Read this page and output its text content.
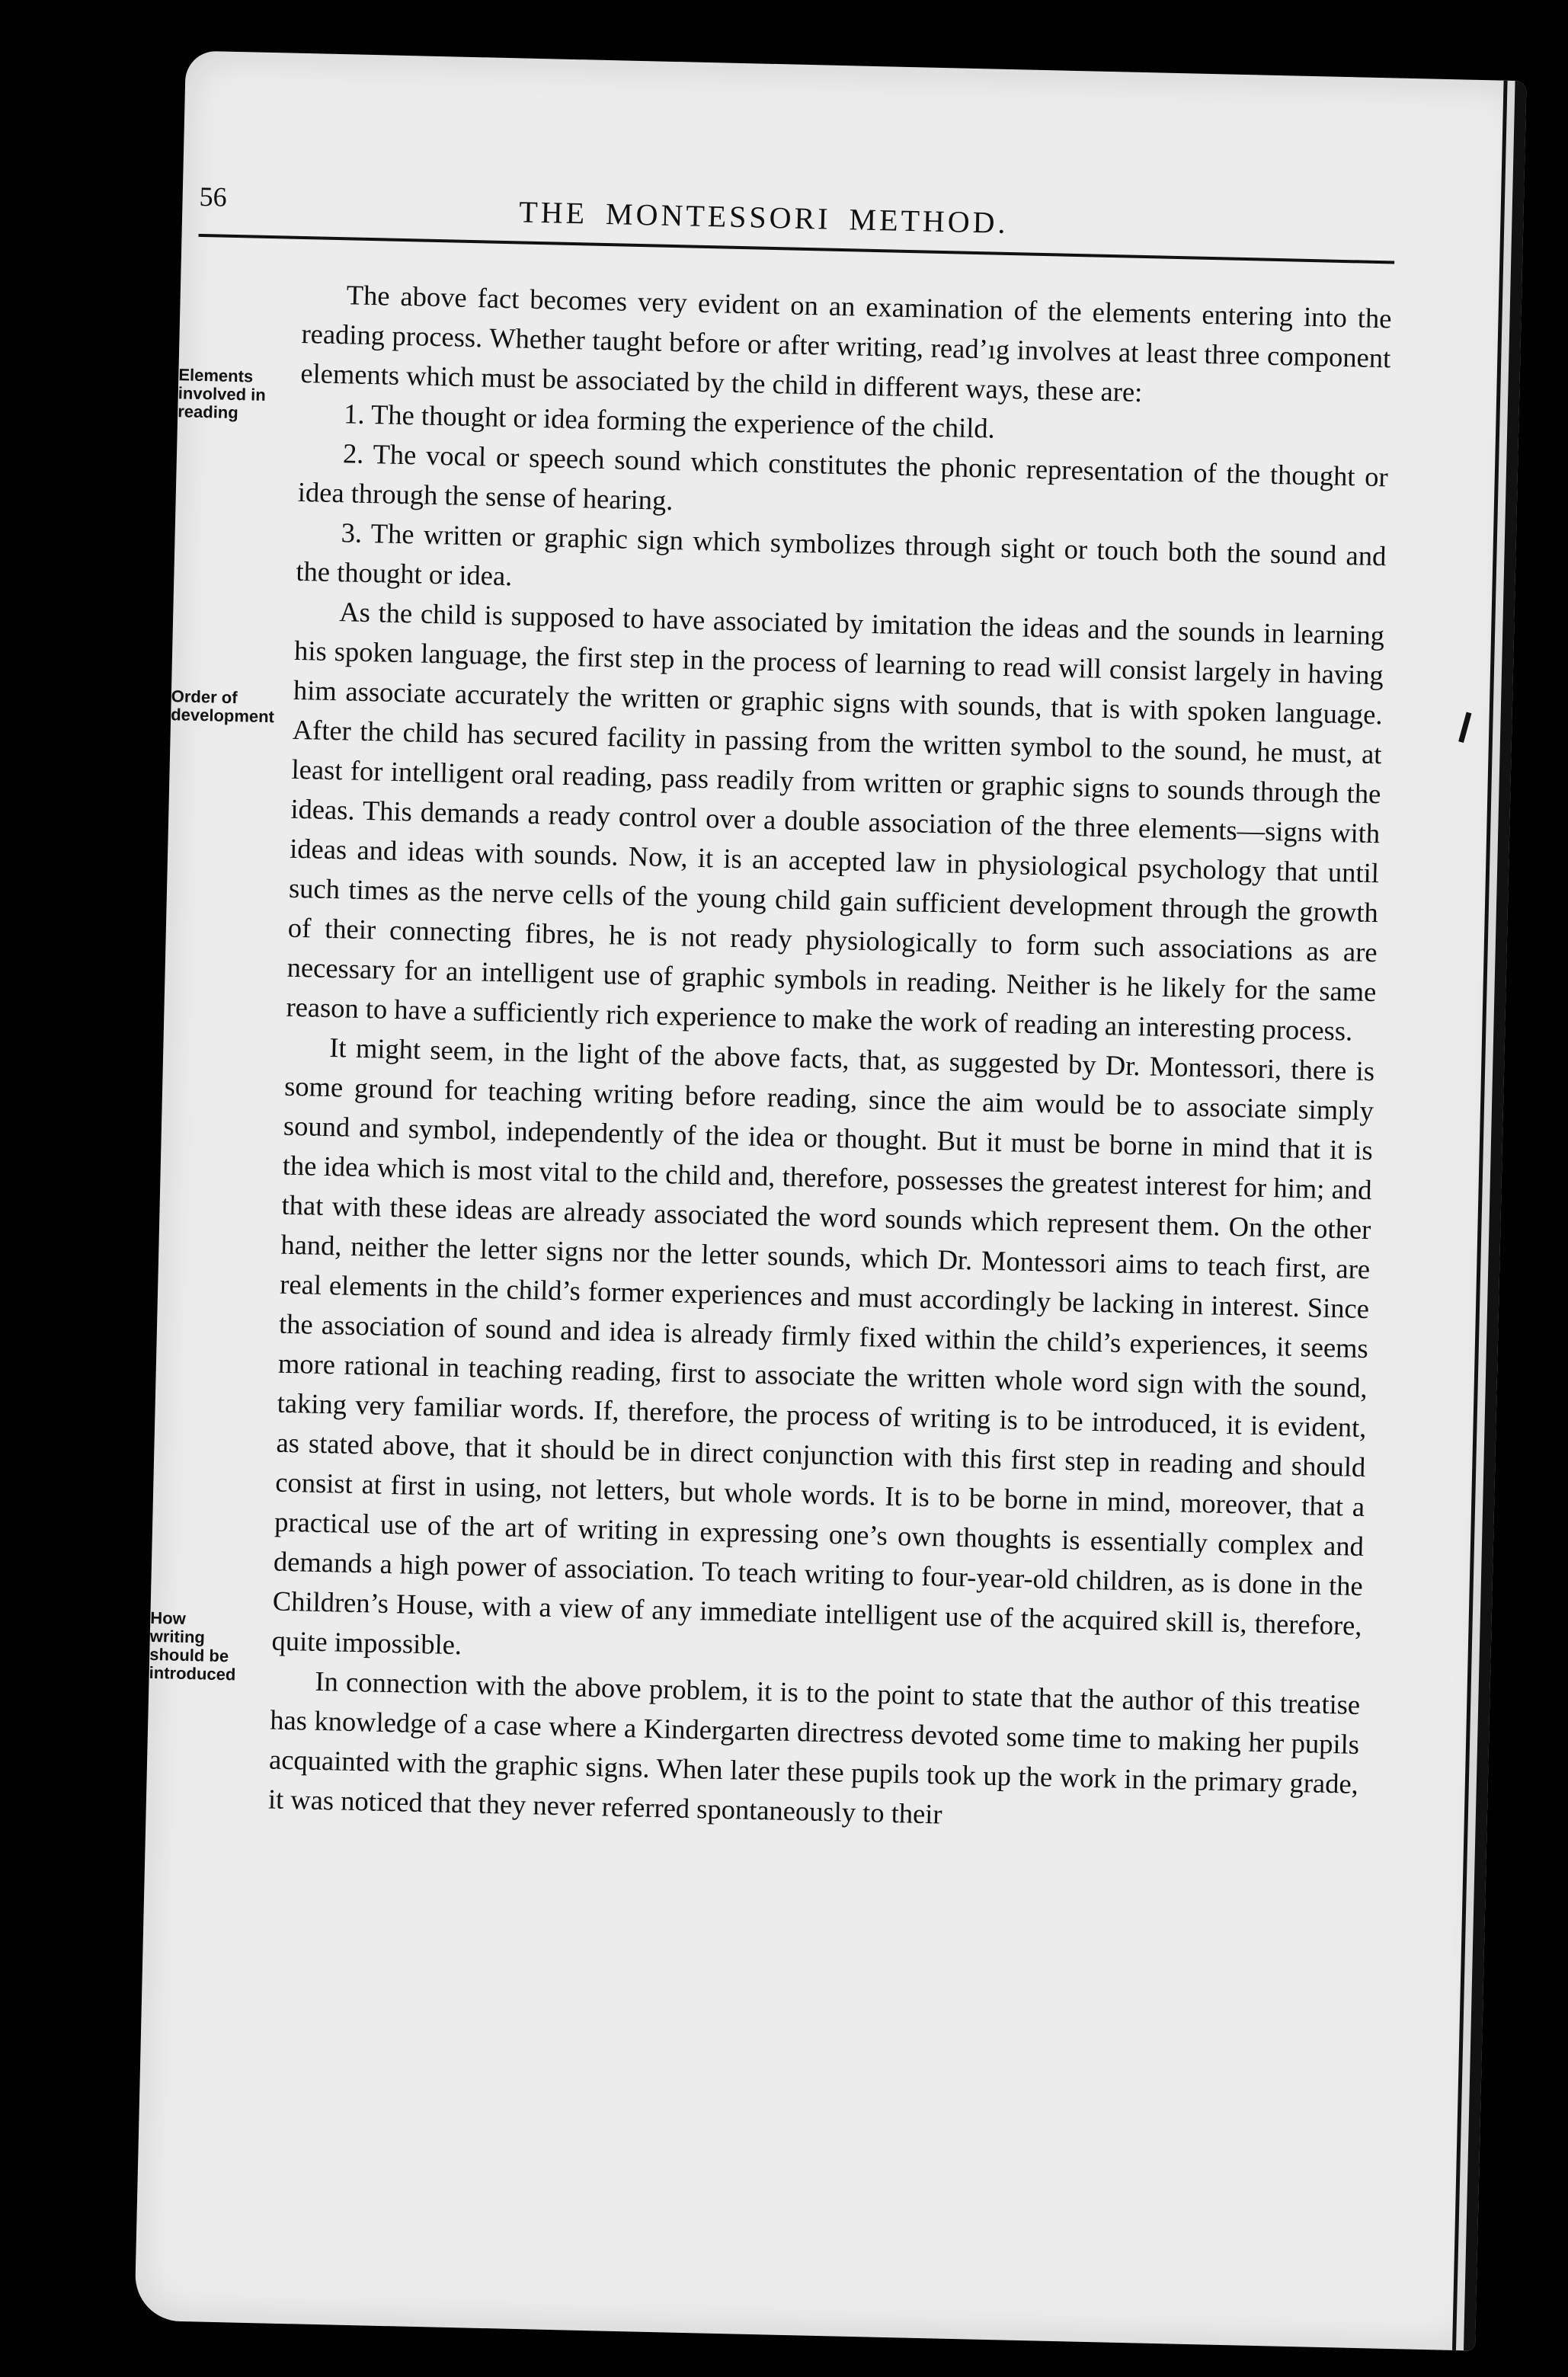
56	THE MONTESSORI METHOD.
Elements involved in reading
Order of development
How writing should be introduced

The above fact becomes very evident on an examination of the elements entering into the reading process. Whether taught before or after writing, read’ıg involves at least three component elements which must be associated by the child in different ways, these are:

1. The thought or idea forming the experience of the child.

2. The vocal or speech sound which constitutes the phonic representation of the thought or idea through the sense of hearing.

3. The written or graphic sign which symbolizes through sight or touch both the sound and the thought or idea.

As the child is supposed to have associated by imitation the ideas and the sounds in learning his spoken language, the first step in the process of learning to read will consist largely in having him associate accurately the written or graphic signs with sounds, that is with spoken language. After the child has secured facility in passing from the written symbol to the sound, he must, at least for intelligent oral reading, pass readily from written or graphic signs to sounds through the ideas. This demands a ready control over a double association of the three elements—signs with ideas and ideas with sounds. Now, it is an accepted law in physiological psychology that until such times as the nerve cells of the young child gain sufficient development through the growth of their connecting fibres, he is not ready physiologically to form such associations as are necessary for an intelligent use of graphic symbols in reading. Neither is he likely for the same reason to have a sufficiently rich experience to make the work of reading an interesting process.

It might seem, in the light of the above facts, that, as suggested by Dr. Montessori, there is some ground for teaching writing before reading, since the aim would be to associate simply sound and symbol, independently of the idea or thought. But it must be borne in mind that it is the idea which is most vital to the child and, therefore, possesses the greatest interest for him; and that with these ideas are already associated the word sounds which represent them. On the other hand, neither the letter signs nor the letter sounds, which Dr. Montessori aims to teach first, are real elements in the child’s former experiences and must accordingly be lacking in interest. Since the association of sound and idea is already firmly fixed within the child’s experiences, it seems more rational in teaching reading, first to associate the written whole word sign with the sound, taking very familiar words. If, therefore, the process of writing is to be introduced, it is evident, as stated above, that it should be in direct conjunction with this first step in reading and should consist at first in using, not letters, but whole words. It is to be borne in mind, moreover, that a practical use of the art of writing in expressing one’s own thoughts is essentially complex and demands a high power of association. To teach writing to four-year-old children, as is done in the Children’s House, with a view of any immediate intelligent use of the acquired skill is, therefore, quite impossible.

In connection with the above problem, it is to the point to state that the author of this treatise has knowledge of a case where a Kindergarten directress devoted some time to making her pupils acquainted with the graphic signs. When later these pupils took up the work in the primary grade, it was noticed that they never referred spontaneously to their
